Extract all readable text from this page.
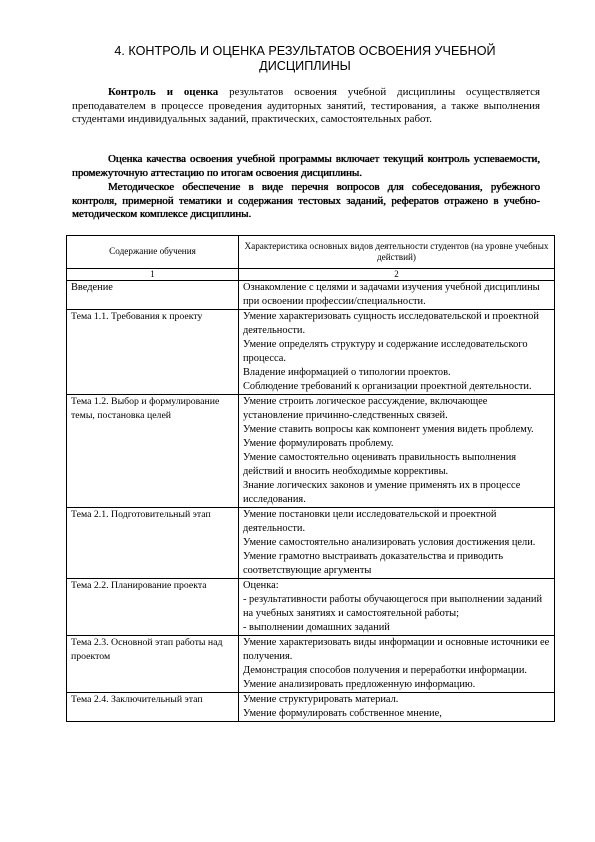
4. КОНТРОЛЬ И ОЦЕНКА РЕЗУЛЬТАТОВ ОСВОЕНИЯ УЧЕБНОЙ
ДИСЦИПЛИНЫ

Контроль и оценка результатов освоения учебной дисциплины осуществляется преподавателем в процессе проведения аудиторных занятий, тестирования, а также выполнения студентами индивидуальных заданий, практических, самостоятельных работ.

Оценка качества освоения учебной программы включает текущий контроль успеваемости, промежуточную аттестацию по итогам освоения дисциплины.

Методическое обеспечение в виде перечня вопросов для собеседования, рубежного контроля, примерной тематики и содержания тестовых заданий, рефератов отражено в учебно-методическом комплексе дисциплины.

Содержание обучения	Характеристика основных видов деятельности студентов (на уровне учебных действий)
1	2
Введение	Ознакомление с целями и задачами изучения учебной дисциплины при освоении профессии/специальности.

Тема 1.1. Требования к проекту	Умение характеризовать сущность исследовательской и проектной деятельности.
Умение определять структуру и содержание исследовательского процесса.
Владение информацией о типологии проектов.
Соблюдение требований к организации проектной деятельности.

Тема 1.2. Выбор и формулирование темы, постановка целей	Умение строить логическое рассуждение, включающее установление причинно-следственных связей.
Умение ставить вопросы как компонент умения видеть проблему.
Умение формулировать проблему.
Умение самостоятельно оценивать правильность выполнения действий и вносить необходимые коррективы.
Знание логических законов и умение применять их в процессе исследования.

Тема 2.1. Подготовительный этап	Умение постановки цели исследовательской и проектной деятельности.
Умение самостоятельно анализировать условия достижения цели.
Умение грамотно выстраивать доказательства и приводить соответствующие аргументы

Тема 2.2. Планирование проекта	Оценка:
- результативности работы обучающегося при выполнении заданий на учебных занятиях и самостоятельной работы;
- выполнении домашних заданий

Тема 2.3. Основной этап работы над проектом	Умение характеризовать виды информации и основные источники ее получения.
Демонстрация способов получения и переработки информации.
Умение анализировать предложенную информацию.

Тема 2.4. Заключительный этап	Умение структурировать материал.
Умение формулировать собственное мнение,
